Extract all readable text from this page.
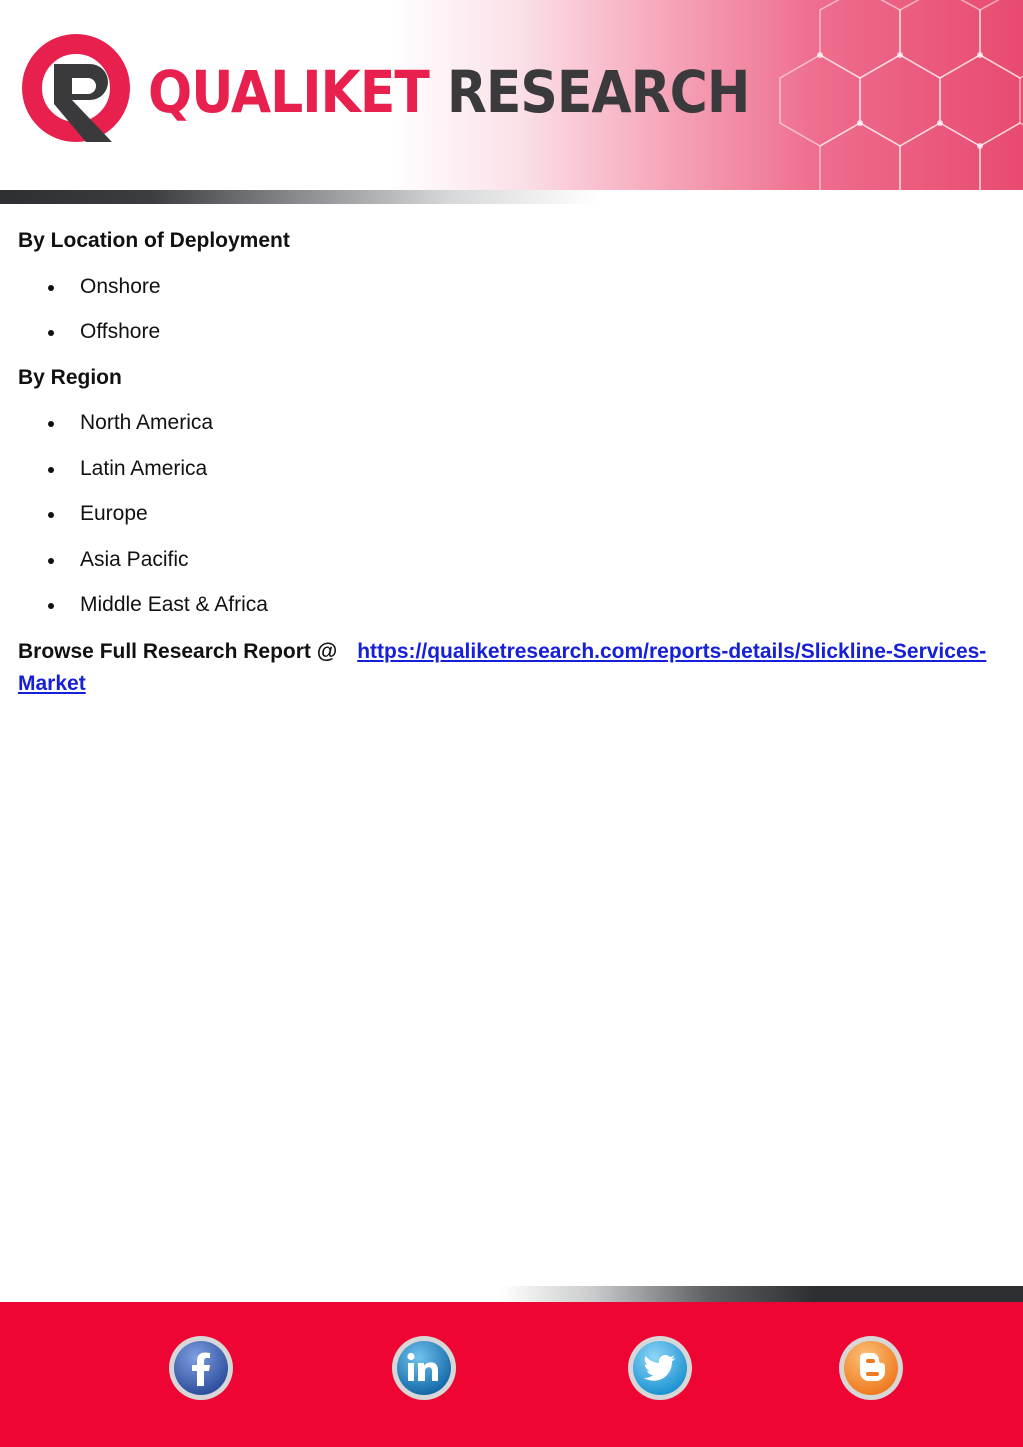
QUALIKET RESEARCH
By Location of Deployment
Onshore
Offshore
By Region
North America
Latin America
Europe
Asia Pacific
Middle East & Africa

Browse Full Research Report @ https://qualiketresearch.com/reports-details/Slickline-Services-
Market
